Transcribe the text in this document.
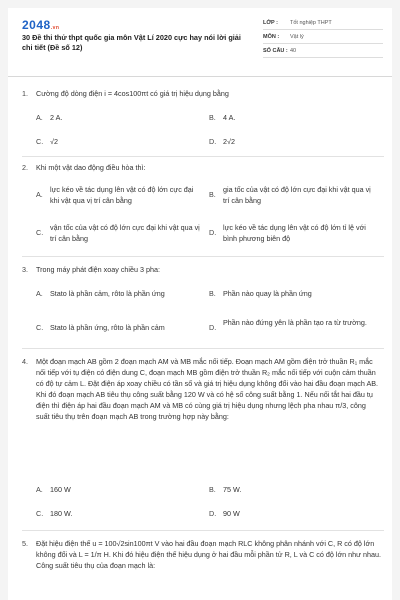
2048.vn
30 Đề thi thử thpt quốc gia môn Vật Lí 2020 cực hay nói lời giải chi tiết (Đề số 12)
LỚP :	Tốt nghiệp THPT
MÔN :	Vật lý
SỐ CÂU : 40
1. Cường độ dòng điện i = 4cos100πt có giá trị hiệu dụng bằng
A. 2 A.	B. 4 A.
C. √2	D. 2√2
2. Khi một vật dao động điều hòa thì:
A.
lực kéo về tác dụng lên vật có độ lớn cực đại khi vật qua vị trí cân bằng
B.
gia tốc của vật có độ lớn cực đại khi vật qua vị trí cân bằng
C.
vận tốc của vật có độ lớn cực đại khi vật qua vị trí cân bằng
D.
lực kéo về tác dụng lên vật có độ lớn tỉ lệ với bình phương biên độ
3. Trong máy phát điện xoay chiều 3 pha:
A. Stato là phần cảm, rôto là phần ứng	B. Phần nào quay là phần ứng
C. Stato là phần ứng, rôto là phần cảm	D.
Phần nào đứng yên là phần tạo ra từ trường.
4. Một đoạn mạch AB gồm 2 đoạn mạch AM và MB mắc nối tiếp. Đoạn mạch AM gồm điện trở thuần R₁ mắc nối tiếp với tụ điện có điện dung C, đoạn mạch MB gồm điện trở thuần R₂ mắc nối tiếp với cuộn cảm thuần có độ tự cảm L. Đặt điện áp xoay chiều có tần số và giá trị hiệu dụng không đổi vào hai đầu đoạn mạch AB. Khi đó đoạn mạch AB tiêu thụ công suất bằng 120 W và có hệ số công suất bằng 1. Nếu nối tắt hai đầu tụ điện thì điện áp hai đầu đoạn mạch AM và MB có cùng giá trị hiệu dụng nhưng lệch pha nhau π/3, công suất tiêu thụ trên đoạn mạch AB trong trường hợp này bằng:
A. 160 W	B. 75 W.
C. 180 W.	D. 90 W
5. Đặt hiệu điện thế u = 100√2sin100πt V vào hai đầu đoạn mạch RLC không phân nhánh với C, R có độ lớn không đổi và L = 1/π H. Khi đó hiệu điện thế hiệu dụng ở hai đầu mỗi phần tử R, L và C có độ lớn như nhau. Công suất tiêu thụ của đoạn mạch là:
